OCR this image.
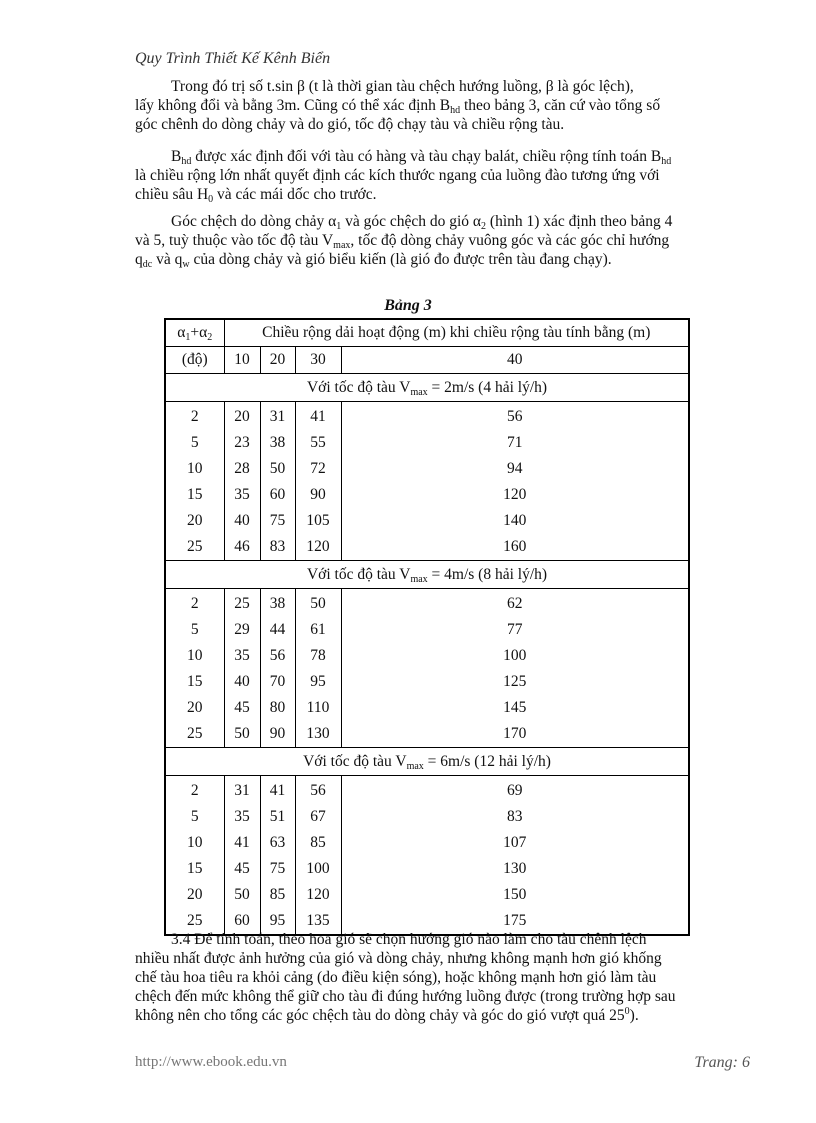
Quy Trình Thiết Kế Kênh Biển

Trong đó trị số t.sin β (t là thời gian tàu chệch hướng luồng, β là góc lệch),

lấy không đổi và bằng 3m. Cũng có thể xác định $B_{hd}$ theo bảng 3, căn cứ vào tổng số
góc chênh do dòng chảy và do gió, tốc độ chạy tàu và chiều rộng tàu.

$B_{hd}$ được xác định đối với tàu có hàng và tàu chạy balát, chiều rộng tính toán $B_{hd}$

là chiều rộng lớn nhất quyết định các kích thước ngang của luồng đào tương ứng với
chiều sâu $H_0$ và các mái dốc cho trước.

Góc chệch do dòng chảy $\alpha_1$ và góc chệch do gió $\alpha_2$ (hình 1) xác định theo bảng 4

và 5, tuỳ thuộc vào tốc độ tàu $V_{max}$, tốc độ dòng chảy vuông góc và các góc chỉ hướng
$q_{dc}$ và $q_w$ của dòng chảy và gió biểu kiến (là gió đo được trên tàu đang chạy).
Bảng 3
$\alpha_1+\alpha_2$	Chiều rộng dải hoạt động (m) khi chiều rộng tàu tính bằng (m)			
(độ)	10	20	30	40
Với tốc độ tàu $V_{max} = 2m/s$ (4 hải lý/h)				
2	20	31	41	56
5	23	38	55	71
10	28	50	72	94
15	35	60	90	120
20	40	75	105	140
25	46	83	120	160
Với tốc độ tàu $V_{max} = 4m/s$ (8 hải lý/h)				
2	25	38	50	62
5	29	44	61	77
10	35	56	78	100
15	40	70	95	125
20	45	80	110	145
25	50	90	130	170
Với tốc độ tàu $V_{max} = 6m/s$ (12 hải lý/h)				
2	31	41	56	69
5	35	51	67	83
10	41	63	85	107
15	45	75	100	130
20	50	85	120	150
25	60	95	135	175

3.4 Để tính toán, theo hoa gió sẽ chọn hướng gió nào làm cho tàu chênh lệch

nhiều nhất được ảnh hưởng của gió và dòng chảy, nhưng không mạnh hơn gió khống
chế tàu hoa tiêu ra khỏi cảng (do điều kiện sóng), hoặc không mạnh hơn gió làm tàu
chệch đến mức không thể giữ cho tàu đi đúng hướng luồng được (trong trường hợp sau
không nên cho tổng các góc chệch tàu do dòng chảy và góc do gió vượt quá $25^0$).
http://www.ebook.edu.vn	Trang: 6
